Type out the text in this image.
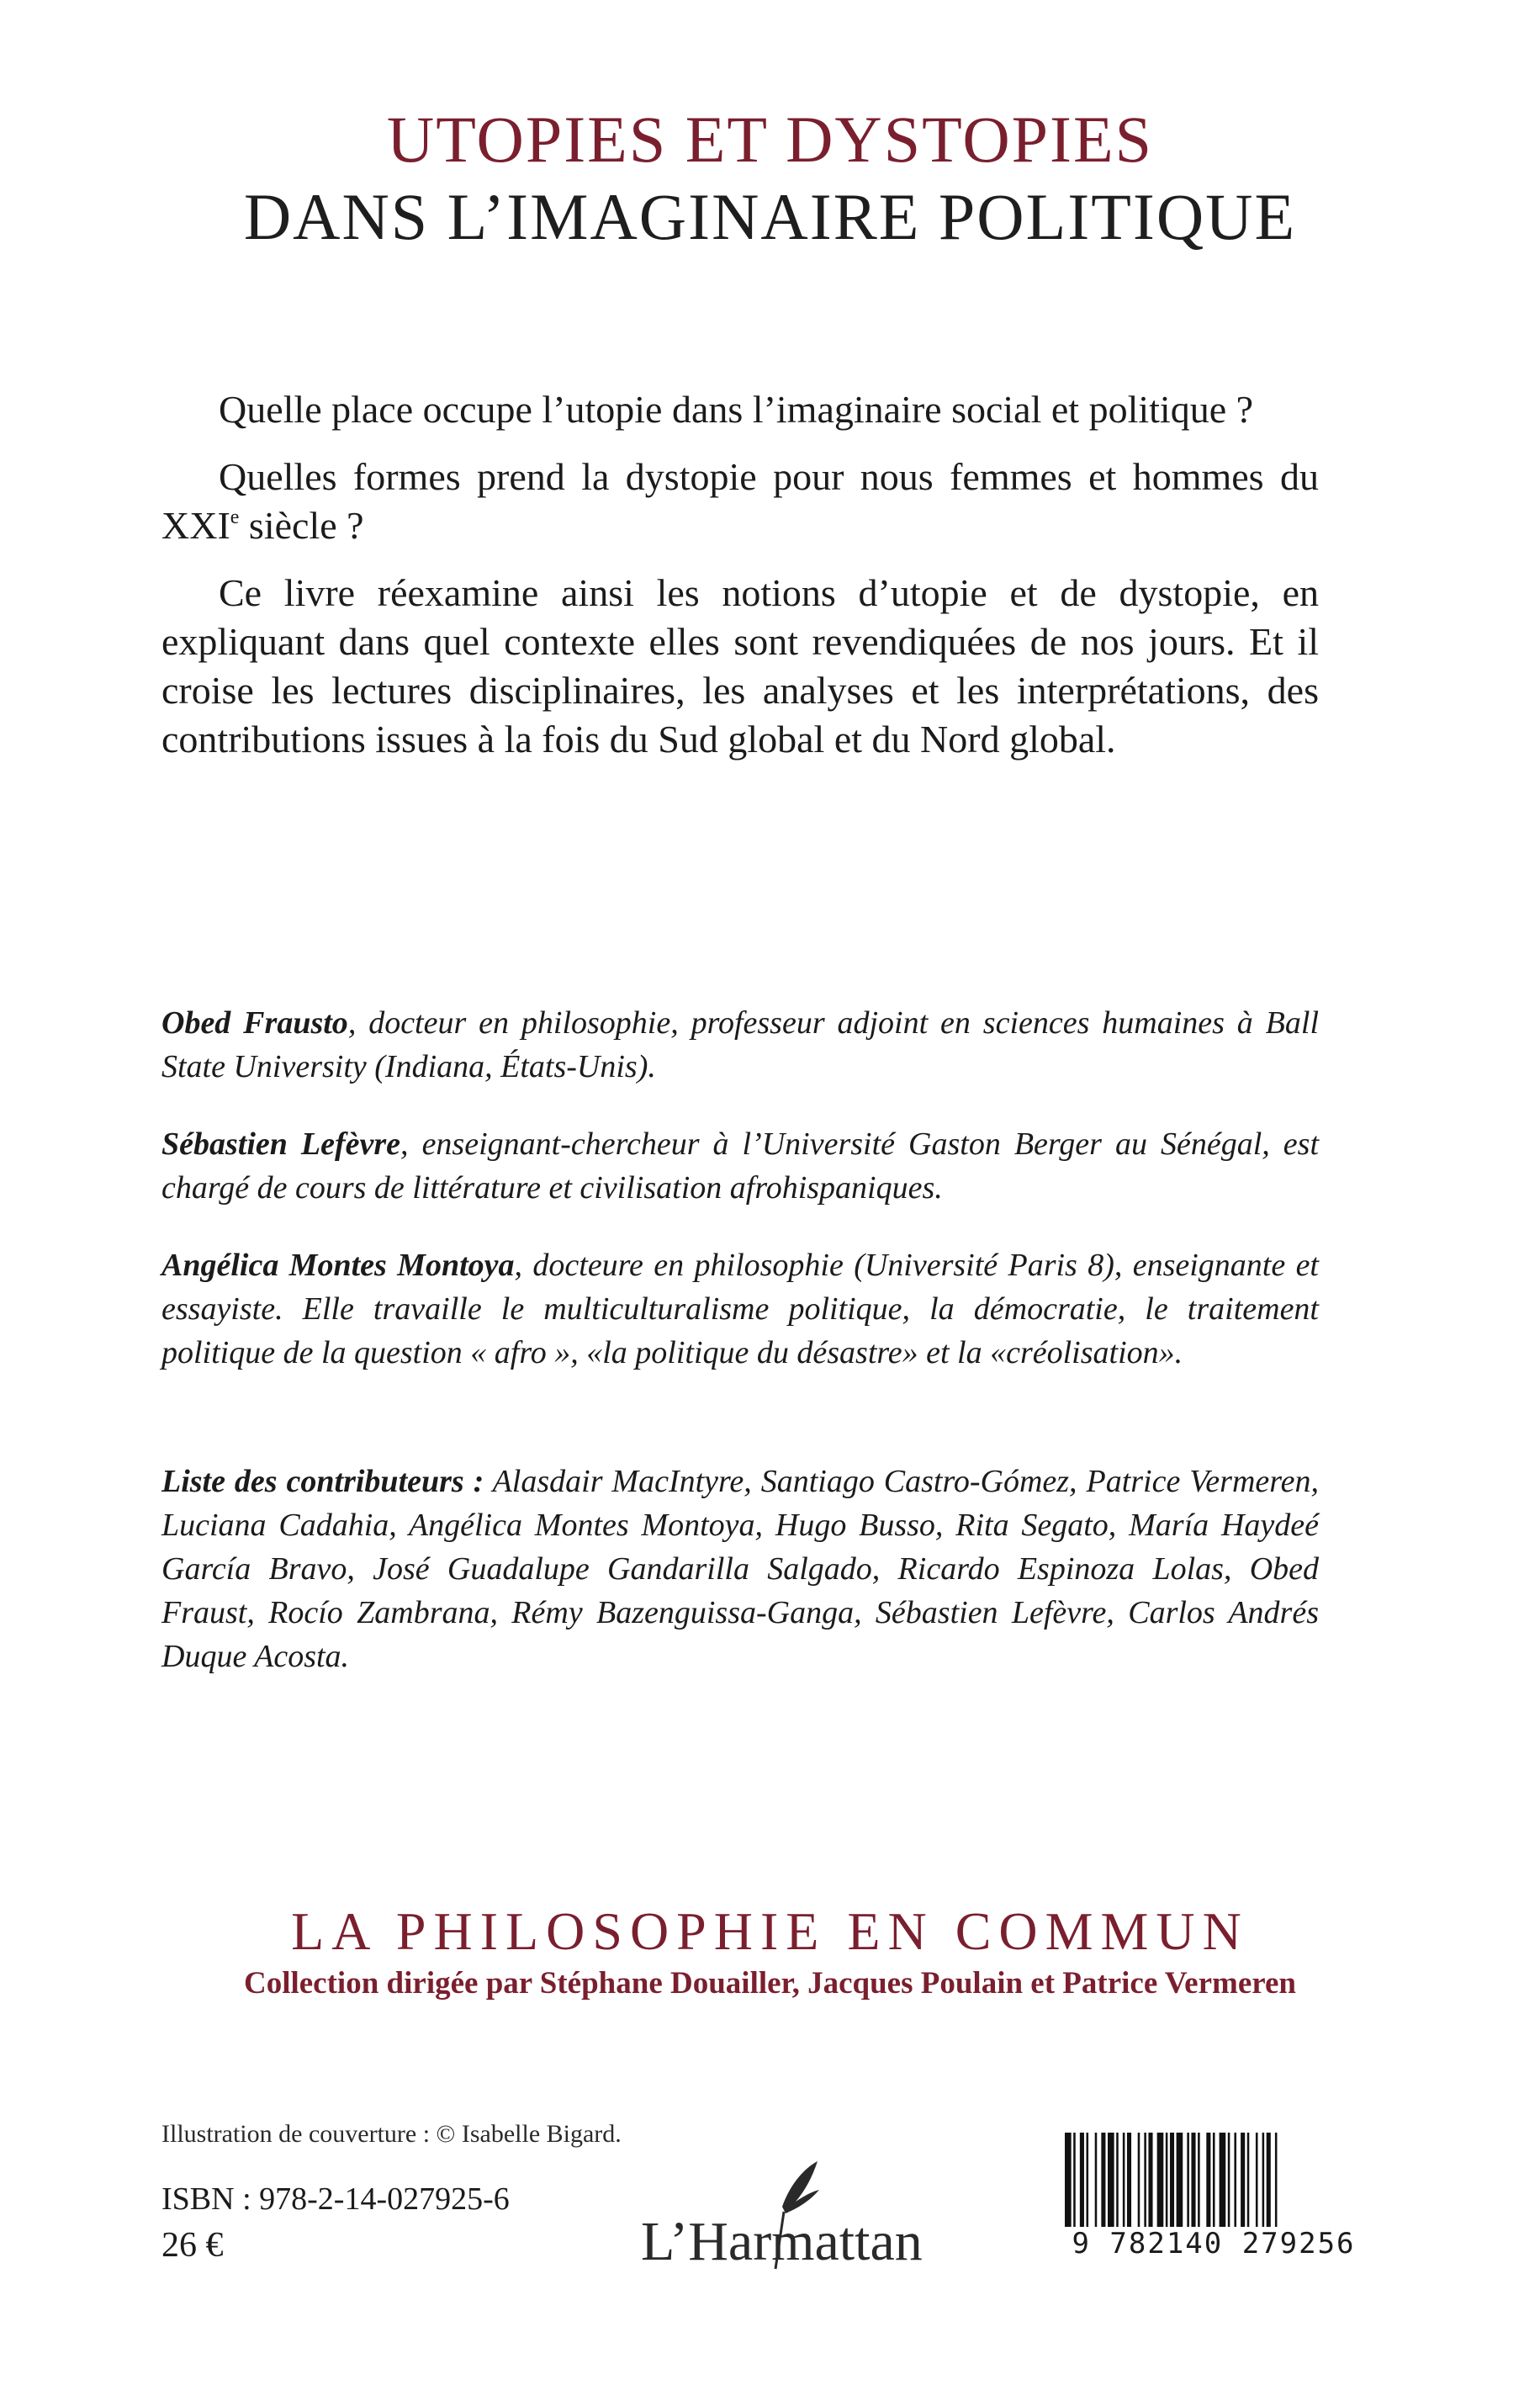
UTOPIES ET DYSTOPIES
DANS L’IMAGINAIRE POLITIQUE

Quelle place occupe l’utopie dans l’imaginaire social et politique ?

Quelles formes prend la dystopie pour nous femmes et hommes du XXIe siècle ?

Ce livre réexamine ainsi les notions d’utopie et de dystopie, en expliquant dans quel contexte elles sont revendiquées de nos jours. Et il croise les lectures disciplinaires, les analyses et les interprétations, des contributions issues à la fois du Sud global et du Nord global.

Obed Frausto, docteur en philosophie, professeur adjoint en sciences humaines à Ball State University (Indiana, États-Unis).

Sébastien Lefèvre, enseignant-chercheur à l’Université Gaston Berger au Sénégal, est chargé de cours de littérature et civilisation afrohispaniques.

Angélica Montes Montoya, docteure en philosophie (Université Paris 8), enseignante et essayiste. Elle travaille le multiculturalisme politique, la démocratie, le traitement politique de la question « afro », «la politique du désastre» et la «créolisation».

Liste des contributeurs : Alasdair MacIntyre, Santiago Castro-Gómez, Patrice Vermeren, Luciana Cadahia, Angélica Montes Montoya, Hugo Busso, Rita Segato, María Haydeé García Bravo, José Guadalupe Gandarilla Salgado, Ricardo Espinoza Lolas, Obed Fraust, Rocío Zambrana, Rémy Bazenguissa-Ganga, Sébastien Lefèvre, Carlos Andrés Duque Acosta.
LA PHILOSOPHIE EN COMMUN
Collection dirigée par Stéphane Douailler, Jacques Poulain et Patrice Vermeren
Illustration de couverture : © Isabelle Bigard.
ISBN : 978-2-14-027925-6
26 €	L’Harmattan	9 782140 279256
